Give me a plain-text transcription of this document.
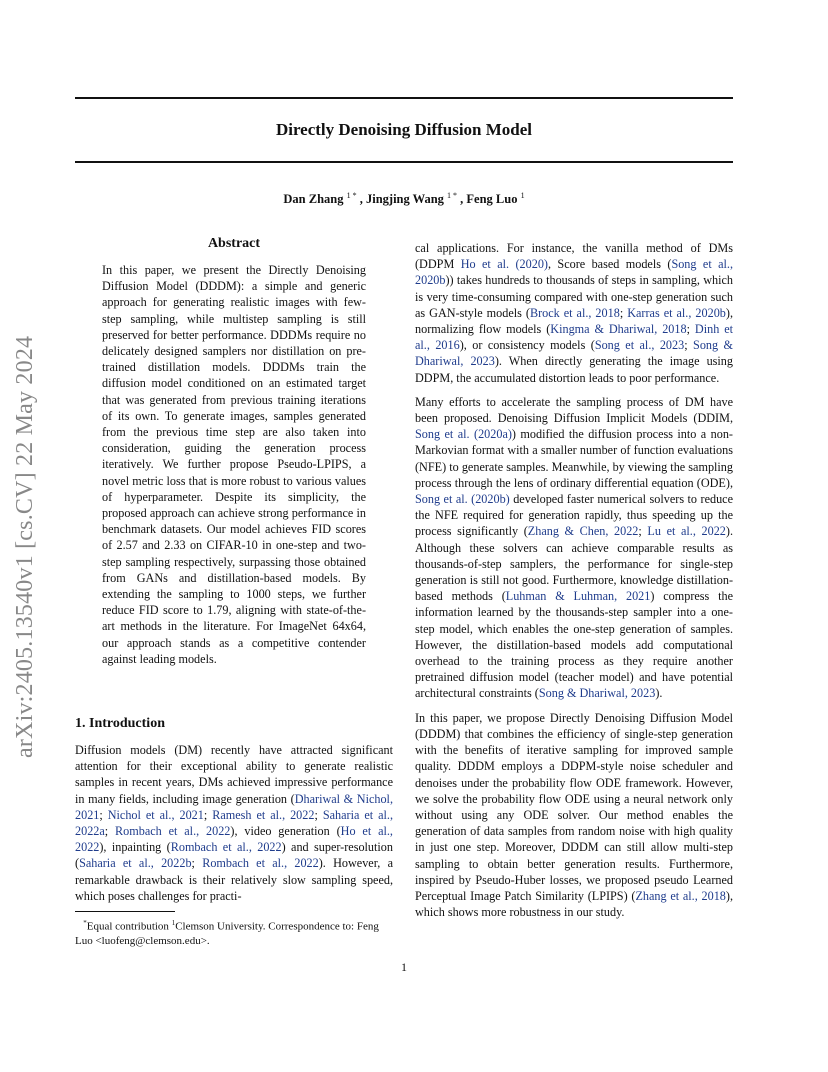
arXiv:2405.13540v1 [cs.CV] 22 May 2024
Directly Denoising Diffusion Model
Dan Zhang $^{1 *}$ , Jingjing Wang $^{1 *}$ , Feng Luo $^1$
Abstract
In this paper, we present the Directly Denoising Diffusion Model (DDDM): a simple and generic approach for generating realistic images with few-step sampling, while multistep sampling is still preserved for better performance. DDDMs require no delicately designed samplers nor distillation on pre-trained distillation models. DDDMs train the diffusion model conditioned on an estimated target that was generated from previous training iterations of its own. To generate images, samples generated from the previous time step are also taken into consideration, guiding the generation process iteratively. We further propose Pseudo-LPIPS, a novel metric loss that is more robust to various values of hyperparameter. Despite its simplicity, the proposed approach can achieve strong performance in benchmark datasets. Our model achieves FID scores of 2.57 and 2.33 on CIFAR-10 in one-step and two-step sampling respectively, surpassing those obtained from GANs and distillation-based models. By extending the sampling to 1000 steps, we further reduce FID score to 1.79, aligning with state-of-the-art methods in the literature. For ImageNet 64x64, our approach stands as a competitive contender against leading models.
1. Introduction

Diffusion models (DM) recently have attracted significant attention for their exceptional ability to generate realistic samples in recent years, DMs achieved impressive performance in many fields, including image generation (Dhariwal & Nichol, 2021; Nichol et al., 2021; Ramesh et al., 2022; Saharia et al., 2022a; Rombach et al., 2022), video generation (Ho et al., 2022), inpainting (Rombach et al., 2022) and super-resolution (Saharia et al., 2022b; Rombach et al., 2022). However, a remarkable drawback is their relatively slow sampling speed, which poses challenges for practi-

cal applications. For instance, the vanilla method of DMs (DDPM Ho et al. (2020), Score based models (Song et al., 2020b)) takes hundreds to thousands of steps in sampling, which is very time-consuming compared with one-step generation such as GAN-style models (Brock et al., 2018; Karras et al., 2020b), normalizing flow models (Kingma & Dhariwal, 2018; Dinh et al., 2016), or consistency models (Song et al., 2023; Song & Dhariwal, 2023). When directly generating the image using DDPM, the accumulated distortion leads to poor performance.

Many efforts to accelerate the sampling process of DM have been proposed. Denoising Diffusion Implicit Models (DDIM, Song et al. (2020a)) modified the diffusion process into a non-Markovian format with a smaller number of function evaluations (NFE) to generate samples. Meanwhile, by viewing the sampling process through the lens of ordinary differential equation (ODE), Song et al. (2020b) developed faster numerical solvers to reduce the NFE required for generation rapidly, thus speeding up the process significantly (Zhang & Chen, 2022; Lu et al., 2022). Although these solvers can achieve comparable results as thousands-of-step samplers, the performance for single-step generation is still not good. Furthermore, knowledge distillation-based methods (Luhman & Luhman, 2021) compress the information learned by the thousands-step sampler into a one-step model, which enables the one-step generation of samples. However, the distillation-based models add computational overhead to the training process as they require another pretrained diffusion model (teacher model) and have potential architectural constraints (Song & Dhariwal, 2023).

In this paper, we propose Directly Denoising Diffusion Model (DDDM) that combines the efficiency of single-step generation with the benefits of iterative sampling for improved sample quality. DDDM employs a DDPM-style noise scheduler and denoises under the probability flow ODE framework. However, we solve the probability flow ODE using a neural network only without using any ODE solver. Our method enables the generation of data samples from random noise with high quality in just one step. Moreover, DDDM can still allow multi-step sampling to obtain better generation results. Furthermore, inspired by Pseudo-Huber losses, we proposed pseudo Learned Perceptual Image Patch Similarity (LPIPS) (Zhang et al., 2018), which shows more robustness in our study.

*Equal contribution $^1$Clemson University. Correspondence to: Feng Luo <luofeng@clemson.edu>.
1
